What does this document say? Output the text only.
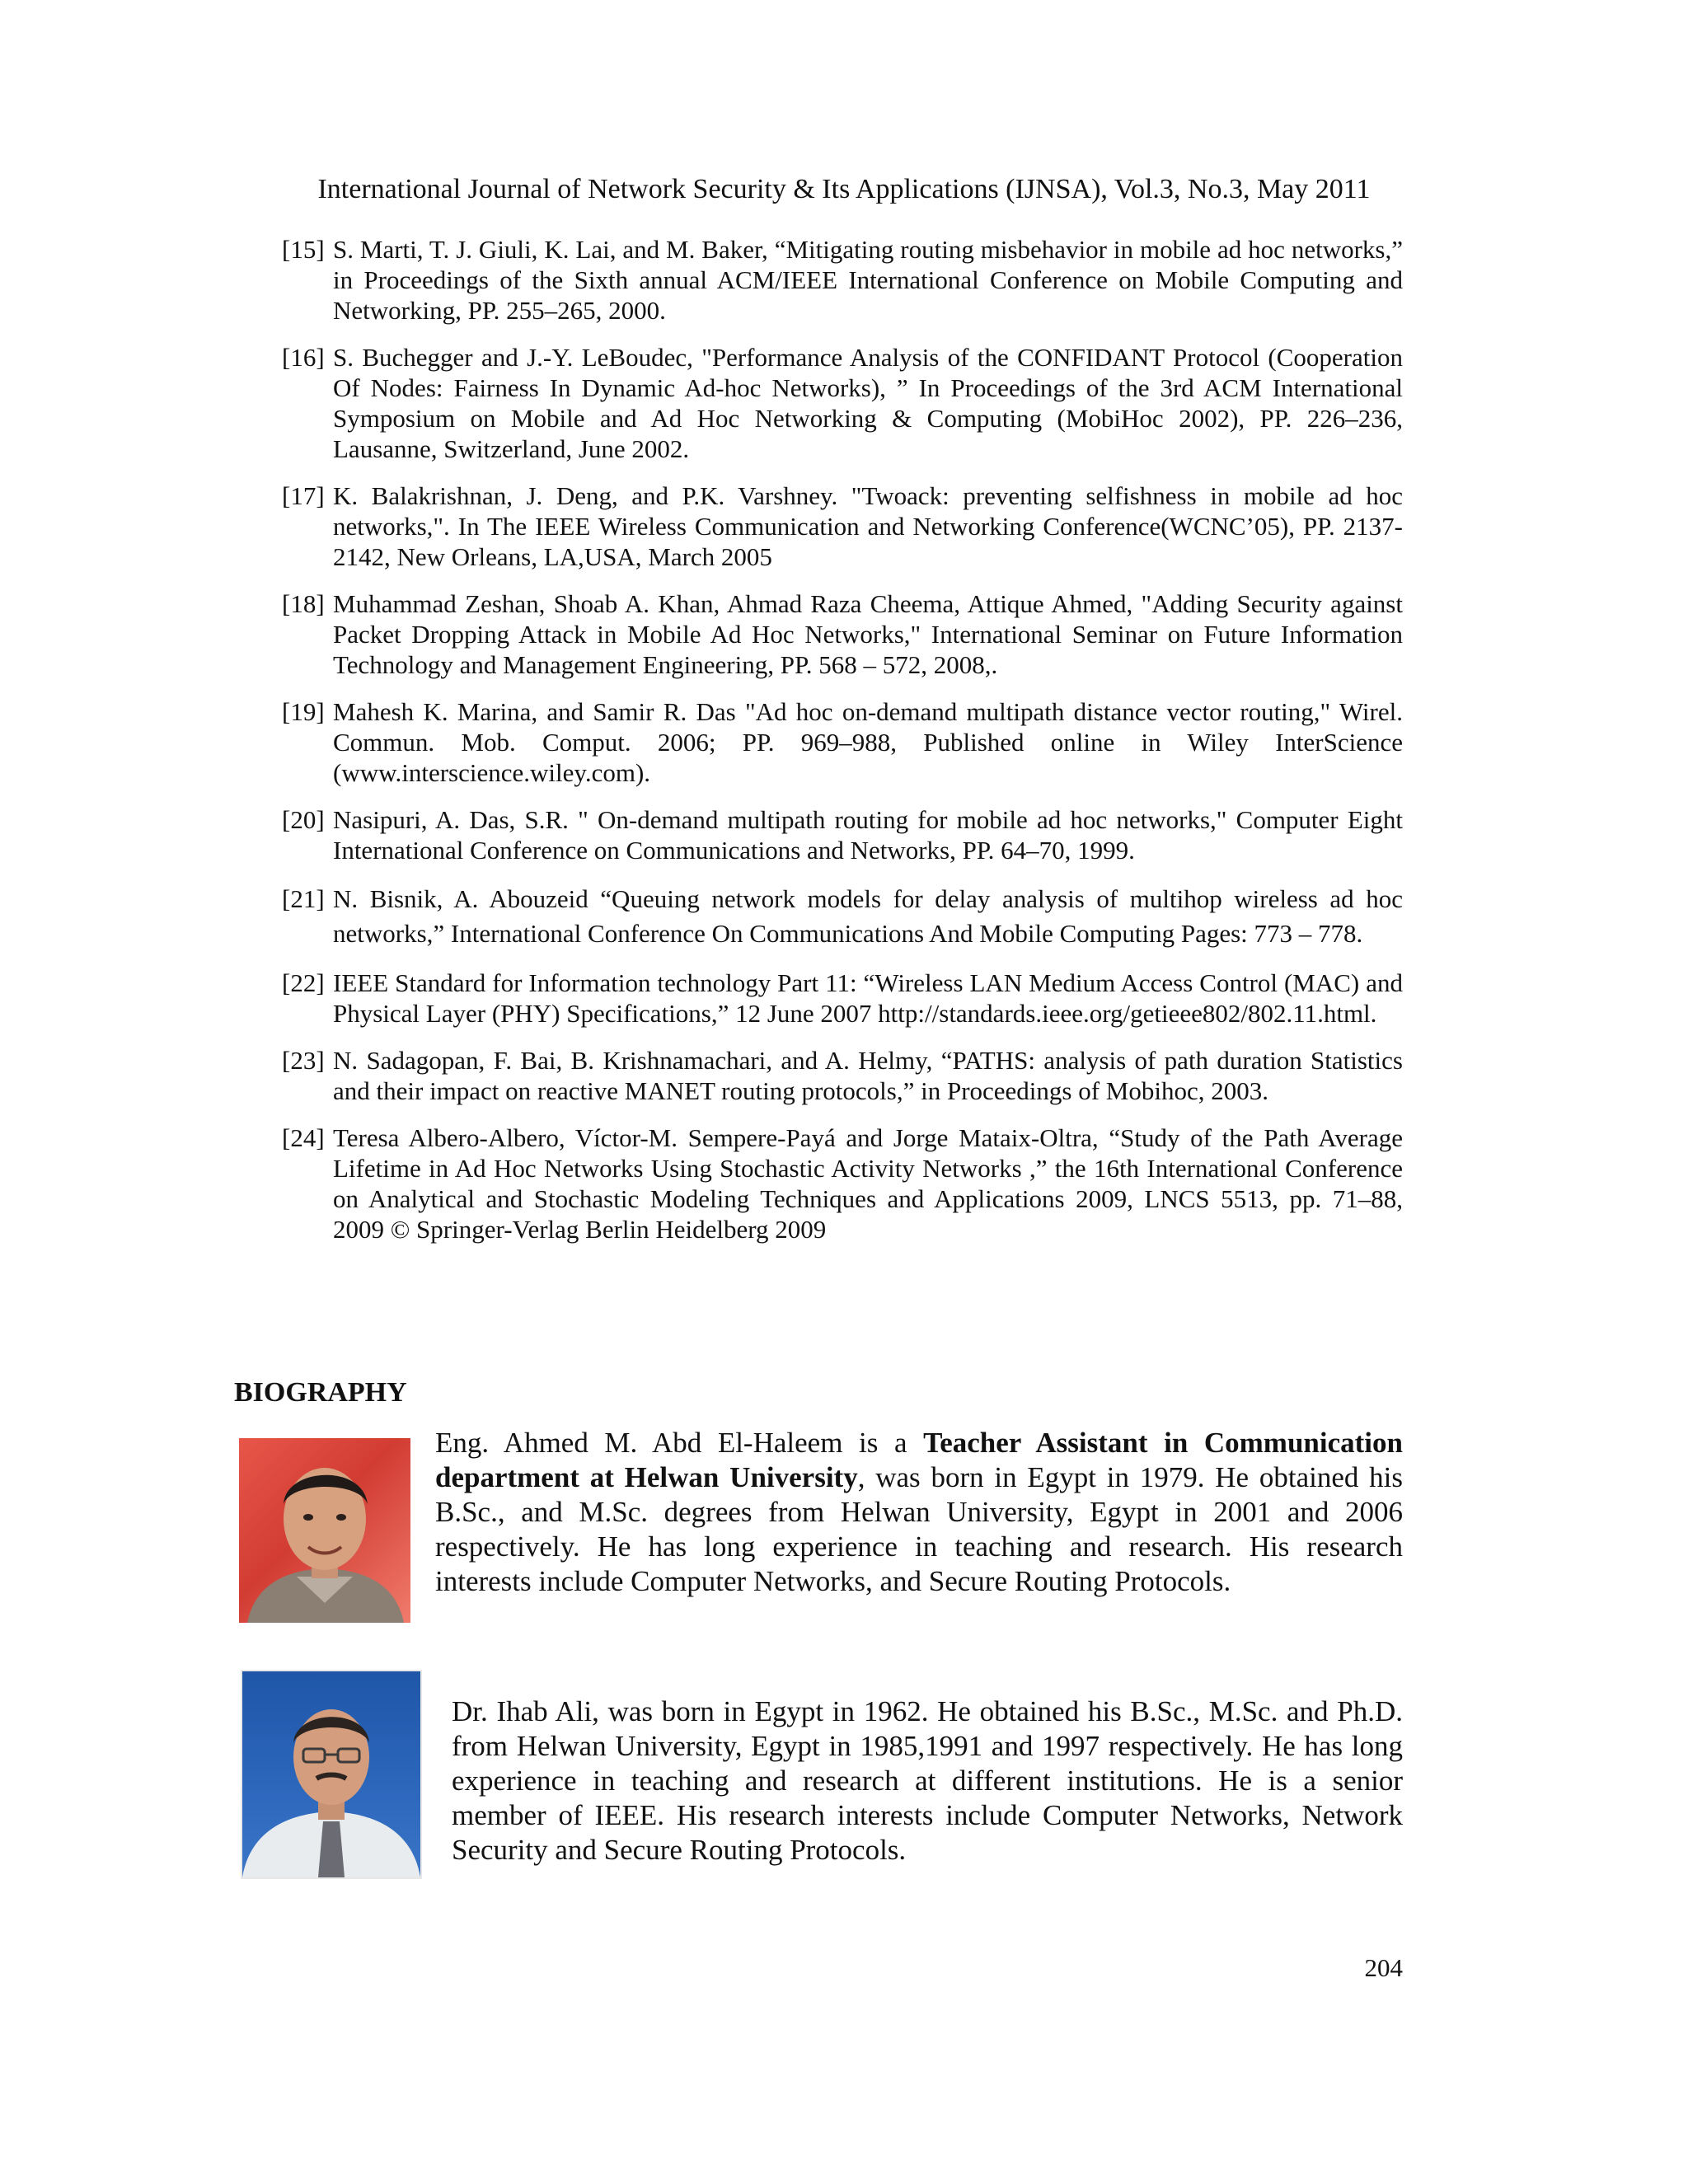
International Journal of Network Security & Its Applications (IJNSA), Vol.3, No.3, May 2011
[15] S. Marti, T. J. Giuli, K. Lai, and M. Baker, “Mitigating routing misbehavior in mobile ad hoc networks,” in Proceedings of the Sixth annual ACM/IEEE International Conference on Mobile Computing and Networking, PP. 255–265, 2000.
[16] S. Buchegger and J.-Y. LeBoudec, "Performance Analysis of the CONFIDANT Protocol (Cooperation Of Nodes: Fairness In Dynamic Ad-hoc Networks), ” In Proceedings of the 3rd ACM International Symposium on Mobile and Ad Hoc Networking & Computing (MobiHoc 2002), PP. 226–236, Lausanne, Switzerland, June 2002.
[17] K. Balakrishnan, J. Deng, and P.K. Varshney. "Twoack: preventing selfishness in mobile ad hoc networks,". In The IEEE Wireless Communication and Networking Conference(WCNC’05), PP. 2137-2142, New Orleans, LA,USA, March 2005
[18] Muhammad Zeshan, Shoab A. Khan, Ahmad Raza Cheema, Attique Ahmed, "Adding Security against Packet Dropping Attack in Mobile Ad Hoc Networks," International Seminar on Future Information Technology and Management Engineering, PP. 568 – 572, 2008,.
[19] Mahesh K. Marina, and Samir R. Das "Ad hoc on-demand multipath distance vector routing," Wirel. Commun. Mob. Comput. 2006; PP. 969–988, Published online in Wiley InterScience (www.interscience.wiley.com).
[20] Nasipuri, A. Das, S.R. " On-demand multipath routing for mobile ad hoc networks," Computer Eight International Conference on Communications and Networks, PP. 64–70, 1999.
[21] N. Bisnik, A. Abouzeid “Queuing network models for delay analysis of multihop wireless ad hoc networks,” International Conference On Communications And Mobile Computing Pages: 773 – 778.
[22] IEEE Standard for Information technology Part 11: “Wireless LAN Medium Access Control (MAC) and Physical Layer (PHY) Specifications,” 12 June 2007 http://standards.ieee.org/getieee802/802.11.html.
[23] N. Sadagopan, F. Bai, B. Krishnamachari, and A. Helmy, “PATHS: analysis of path duration Statistics and their impact on reactive MANET routing protocols,” in Proceedings of Mobihoc, 2003.
[24] Teresa Albero-Albero, Víctor-M. Sempere-Payá and Jorge Mataix-Oltra, “Study of the Path Average Lifetime in Ad Hoc Networks Using Stochastic Activity Networks ,” the 16th International Conference on Analytical and Stochastic Modeling Techniques and Applications 2009, LNCS 5513, pp. 71–88, 2009 © Springer-Verlag Berlin Heidelberg 2009
BIOGRAPHY
Eng. Ahmed M. Abd El-Haleem is a Teacher Assistant in Communication department at Helwan University, was born in Egypt in 1979. He obtained his B.Sc., and M.Sc. degrees from Helwan University, Egypt in 2001 and 2006 respectively. He has long experience in teaching and research. His research interests include Computer Networks, and Secure Routing Protocols.
Dr. Ihab Ali, was born in Egypt in 1962. He obtained his B.Sc., M.Sc. and Ph.D. from Helwan University, Egypt in 1985,1991 and 1997 respectively. He has long experience in teaching and research at different institutions. He is a senior member of IEEE. His research interests include Computer Networks, Network Security and Secure Routing Protocols.
204
